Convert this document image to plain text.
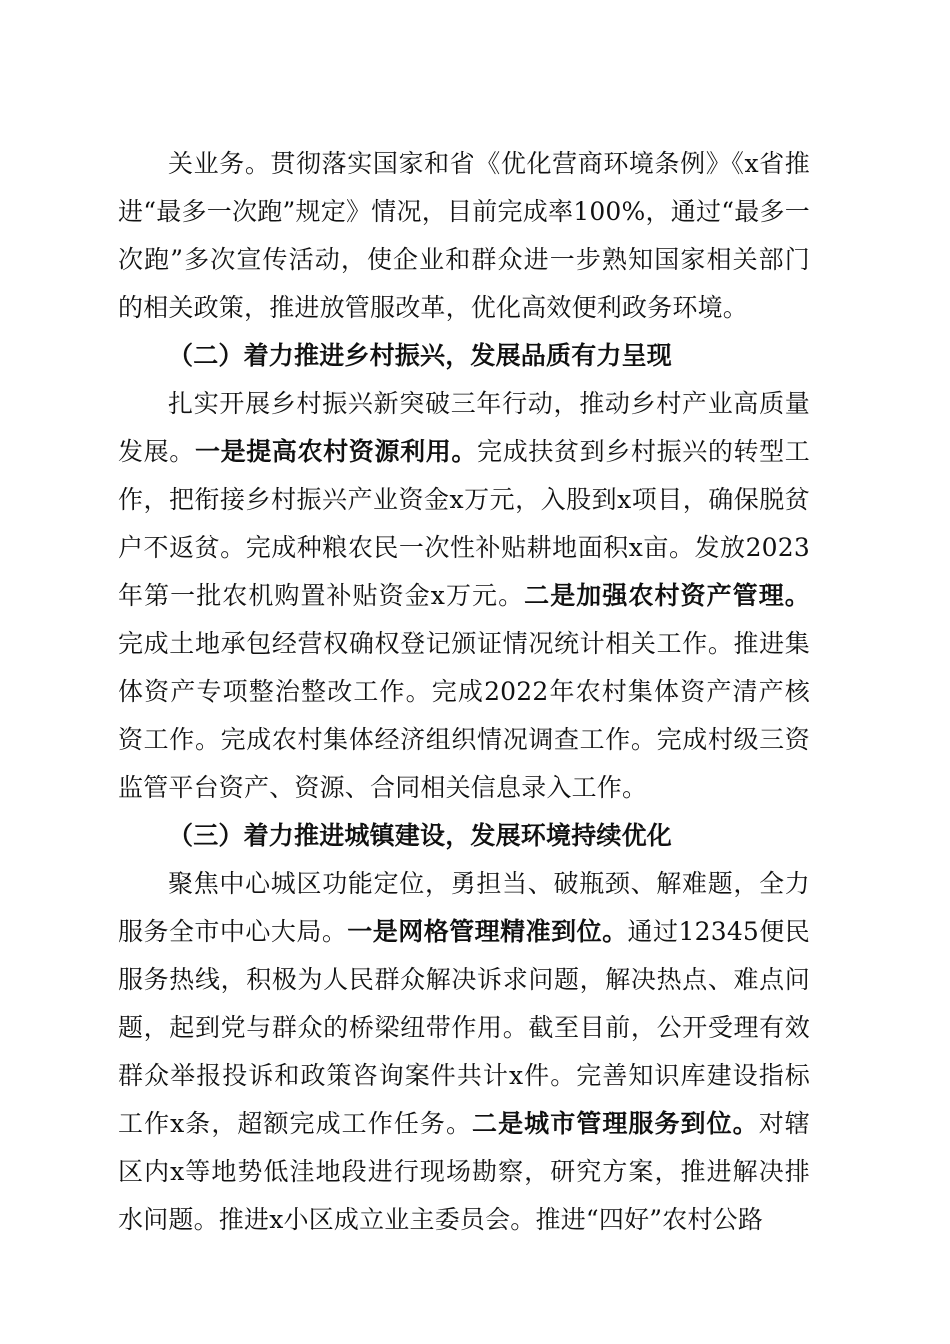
关业务。贯彻落实国家和省《优化营商环境条例》《x省推进“最多一次跑”规定》情况，目前完成率100%，通过“最多一次跑”多次宣传活动，使企业和群众进一步熟知国家相关部门的相关政策，推进放管服改革，优化高效便利政务环境。

（二）着力推进乡村振兴，发展品质有力呈现

扎实开展乡村振兴新突破三年行动，推动乡村产业高质量发展。一是提高农村资源利用。完成扶贫到乡村振兴的转型工作，把衔接乡村振兴产业资金x万元，入股到x项目，确保脱贫户不返贫。完成种粮农民一次性补贴耕地面积x亩。发放2023年第一批农机购置补贴资金x万元。二是加强农村资产管理。完成土地承包经营权确权登记颁证情况统计相关工作。推进集体资产专项整治整改工作。完成2022年农村集体资产清产核资工作。完成农村集体经济组织情况调查工作。完成村级三资监管平台资产、资源、合同相关信息录入工作。

（三）着力推进城镇建设，发展环境持续优化

聚焦中心城区功能定位，勇担当、破瓶颈、解难题，全力服务全市中心大局。一是网格管理精准到位。通过12345便民服务热线，积极为人民群众解决诉求问题，解决热点、难点问题，起到党与群众的桥梁纽带作用。截至目前，公开受理有效群众举报投诉和政策咨询案件共计x件。完善知识库建设指标工作x条，超额完成工作任务。二是城市管理服务到位。对辖区内x等地势低洼地段进行现场勘察，研究方案，推进解决排水问题。推进x小区成立业主委员会。推进“四好”农村公路
